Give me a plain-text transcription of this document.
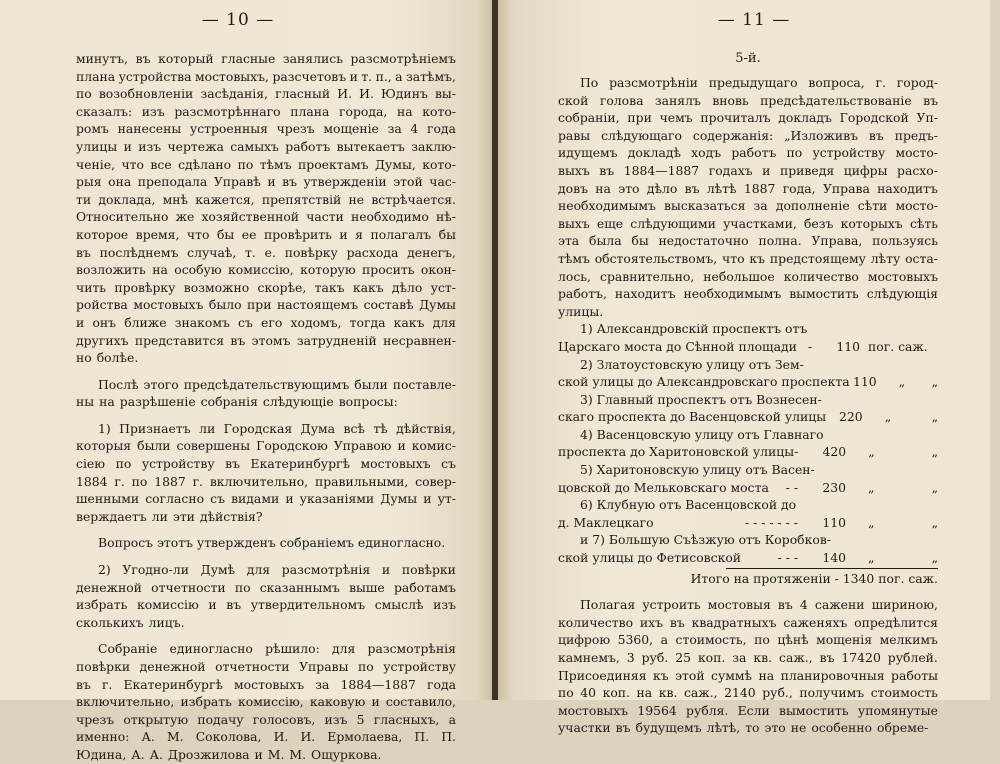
— 10 —
минутъ, въ который гласные занялись разсмотрѣніемъ
плана устройства мостовыхъ, разсчетовъ и т. п., а затѣмъ,
по возобновленіи засѣданія, гласный И. И. Юдинъ вы-
сказалъ: изъ разсмотрѣннаго плана города, на кото-
ромъ нанесены устроенныя чрезъ мощеніе за 4 года
улицы и изъ чертежа самыхъ работъ вытекаетъ заклю-
ченіе, что все сдѣлано по тѣмъ проектамъ Думы, кото-
рыя она преподала Управѣ и въ утвержденіи этой час-
ти доклада, мнѣ кажется, препятствій не встрѣчается.
Относительно же хозяйственной части необходимо нѣ-
которое время, что бы ее провѣрить и я полагалъ бы
въ послѣднемъ случаѣ, т. е. повѣрку расхода денегъ,
возложить на особую комиссію, которую просить окон-
чить провѣрку возможно скорѣе, такъ какъ дѣло уст-
ройства мостовыхъ было при настоящемъ составѣ Думы
и онъ ближе знакомъ съ его ходомъ, тогда какъ для
другихъ представится въ этомъ затрудненій несравнен-
но болѣе.
Послѣ этого предсѣдательствующимъ были поставле-
ны на разрѣшеніе собранія слѣдующіе вопросы:
1) Признаетъ ли Городская Дума всѣ тѣ дѣйствія,
которыя были совершены Городскою Управою и комис-
сіею по устройству въ Екатеринбургѣ мостовыхъ съ
1884 г. по 1887 г. включительно, правильными, совер-
шенными согласно съ видами и указаніями Думы и ут-
верждаетъ ли эти дѣйствія?
Вопросъ этотъ утвержденъ собраніемъ единогласно.
2) Угодно-ли Думѣ для разсмотрѣнія и повѣрки
денежной отчетности по сказаннымъ выше работамъ
избрать комиссію и въ утвердительномъ смыслѣ изъ
сколькихъ лицъ.
Собраніе единогласно рѣшило: для разсмотрѣнія
повѣрки денежной отчетности Управы по устройству
въ г. Екатеринбургѣ мостовыхъ за 1884—1887 года
включительно, избрать комиссію, каковую и составило,
чрезъ открытую подачу голосовъ, изъ 5 гласныхъ, а
именно: А. М. Соколова, И. И. Ермолаева, П. П.
Юдина, А. А. Дрозжилова и М. М. Ощуркова.
— 11 —
5-й.
По разсмотрѣніи предыдущаго вопроса, г. город-
ской голова занялъ вновь предсѣдательствованіе въ
собраніи, при чемъ прочиталъ докладъ Городской Уп-
равы слѣдующаго содержанія: „Изложивъ въ предъ-
идущемъ докладѣ ходъ работъ по устройству мосто-
выхъ въ 1884—1887 годахъ и приведя цифры расхо-
довъ на это дѣло въ лѣтѣ 1887 года, Управа находитъ
необходимымъ высказаться за дополненіе сѣти мосто-
выхъ еще слѣдующими участками, безъ которыхъ сѣть
эта была бы недостаточно полна. Управа, пользуясь
тѣмъ обстоятельствомъ, что къ предстоящему лѣту оста-
лось, сравнительно, небольшое количество мостовыхъ
работъ, находитъ необходимымъ вымостить слѣдующія
улицы.
1) Александровскій проспектъ отъ
Царскаго моста до Сѣнной площади -	110 пог. саж.
2) Златоустовскую улицу отъ Зем-
ской улицы до Александровскаго проспекта 110 „ „
3) Главный проспектъ отъ Вознесен-
скаго проспекта до Васенцовской улицы	220 „	„
4) Васенцовскую улицу отъ Главнаго
проспекта до Харитоновской улицы -	420 „	„
5) Харитоновскую улицу отъ Васен-
цовской до Мельковскаго моста - -	230 „	„
6) Клубную отъ Васенцовской до
д. Маклецкаго	- - - - - - -	110 „	„
и 7) Большую Съѣзжую отъ Коробков-
ской улицы до Фетисовской	- - -	140 „	„
Итого на протяженіи - 1340 пог. саж.
Полагая устроить мостовыя въ 4 сажени шириною,
количество ихъ въ квадратныхъ саженяхъ опредѣлится
цифрою 5360, а стоимость, по цѣнѣ мощенія мелкимъ
камнемъ, 3 руб. 25 коп. за кв. саж., въ 17420 рублей.
Присоединяя къ этой суммѣ на планировочныя работы
по 40 коп. на кв. саж., 2140 руб., получимъ стоимость
мостовыхъ 19564 рубля. Если вымостить упомянутые
участки въ будущемъ лѣтѣ, то это не особенно обреме-
